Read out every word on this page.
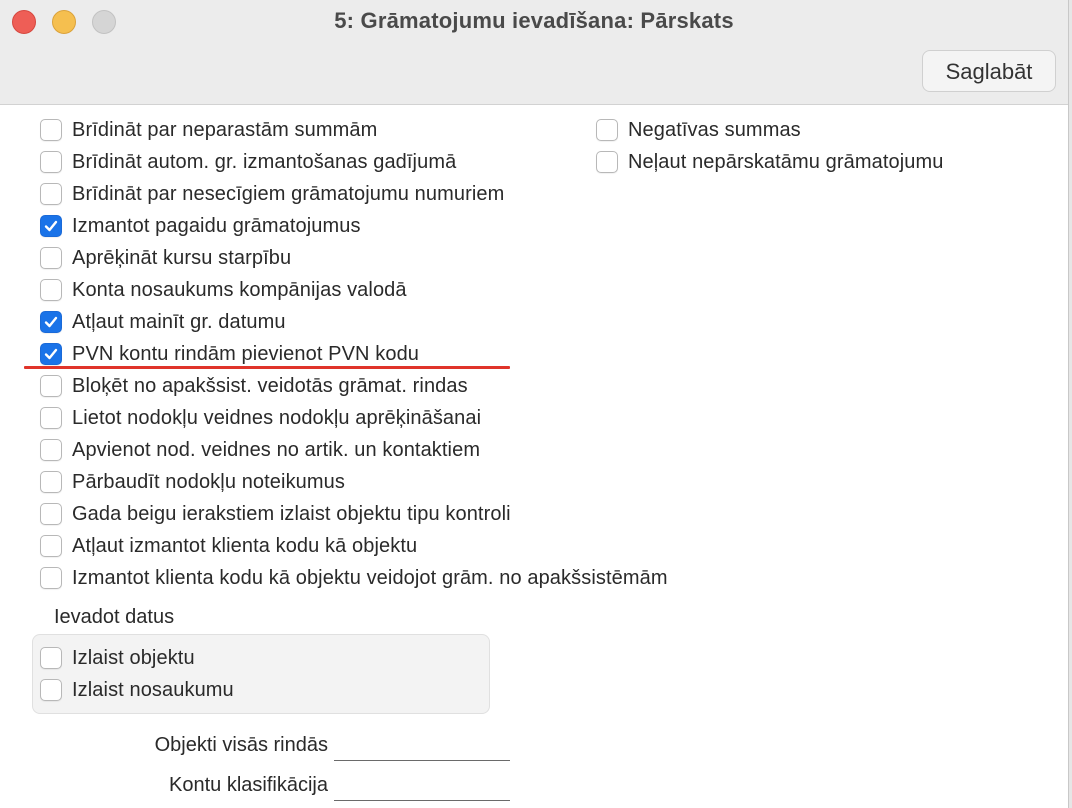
5: Grāmatojumu ievadīšana: Pārskats
Saglabāt
Brīdināt par neparastām summām
Brīdināt autom. gr. izmantošanas gadījumā
Brīdināt par nesecīgiem grāmatojumu numuriem
Izmantot pagaidu grāmatojumus
Aprēķināt kursu starpību
Konta nosaukums kompānijas valodā
Atļaut mainīt gr. datumu
PVN kontu rindām pievienot PVN kodu
Bloķēt no apakšsist. veidotās grāmat. rindas
Lietot nodokļu veidnes nodokļu aprēķināšanai
Apvienot nod. veidnes no artik. un kontaktiem
Pārbaudīt nodokļu noteikumus
Gada beigu ierakstiem izlaist objektu tipu kontroli
Atļaut izmantot klienta kodu kā objektu
Izmantot klienta kodu kā objektu veidojot grām. no apakšsistēmām
Negatīvas summas
Neļaut nepārskatāmu grāmatojumu
Ievadot datus
Izlaist objektu
Izlaist nosaukumu
Objekti visās rindās
Kontu klasifikācija
